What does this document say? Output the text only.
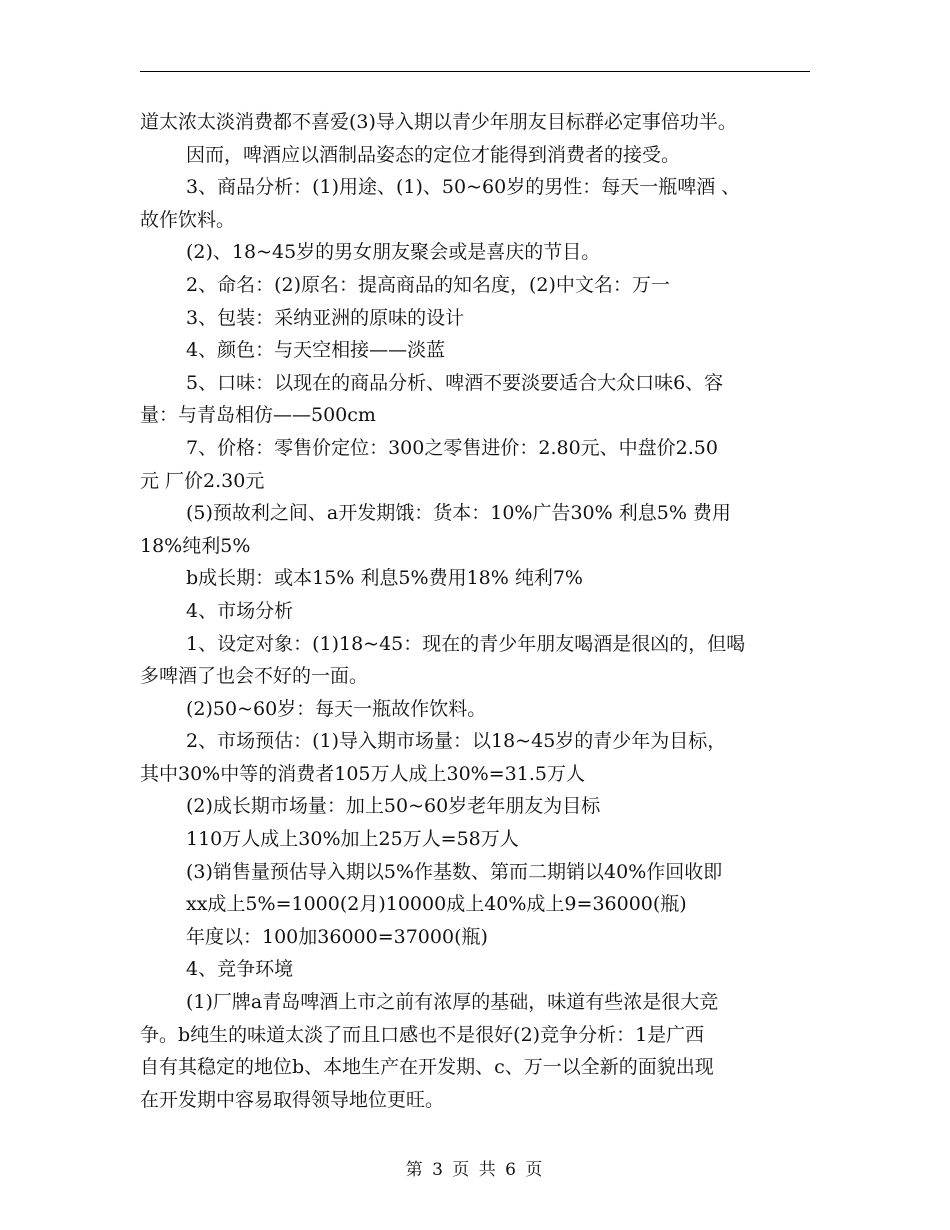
道太浓太淡消费都不喜爱(3)导入期以青少年朋友目标群必定事倍功半。
因而，啤酒应以酒制品姿态的定位才能得到消费者的接受。
3、商品分析：(1)用途、(1)、50~60岁的男性：每天一瓶啤酒 、
故作饮料。
(2)、18~45岁的男女朋友聚会或是喜庆的节目。
2、命名：(2)原名：提高商品的知名度，(2)中文名：万一
3、包装：采纳亚洲的原味的设计
4、颜色：与天空相接——淡蓝
5、口味：以现在的商品分析、啤酒不要淡要适合大众口味6、容
量：与青岛相仿——500cm
7、价格：零售价定位：300之零售进价：2.80元、中盘价2.50
元 厂价2.30元
(5)预故利之间、a开发期饿：货本：10%广告30% 利息5% 费用
18%纯利5%
b成长期：或本15% 利息5%费用18% 纯利7%
4、市场分析
1、设定对象：(1)18~45：现在的青少年朋友喝酒是很凶的，但喝
多啤酒了也会不好的一面。
(2)50~60岁：每天一瓶故作饮料。
2、市场预估：(1)导入期市场量：以18~45岁的青少年为目标，
其中30%中等的消费者105万人成上30%=31.5万人
(2)成长期市场量：加上50~60岁老年朋友为目标
110万人成上30%加上25万人=58万人
(3)销售量预估导入期以5%作基数、第而二期销以40%作回收即
xx成上5%=1000(2月)10000成上40%成上9=36000(瓶)
年度以：100加36000=37000(瓶)
4、竞争环境
(1)厂牌a青岛啤酒上市之前有浓厚的基础，味道有些浓是很大竞
争。b纯生的味道太淡了而且口感也不是很好(2)竞争分析：1是广西
自有其稳定的地位b、本地生产在开发期、c、万一以全新的面貌出现
在开发期中容易取得领导地位更旺。
第 3 页 共 6 页
